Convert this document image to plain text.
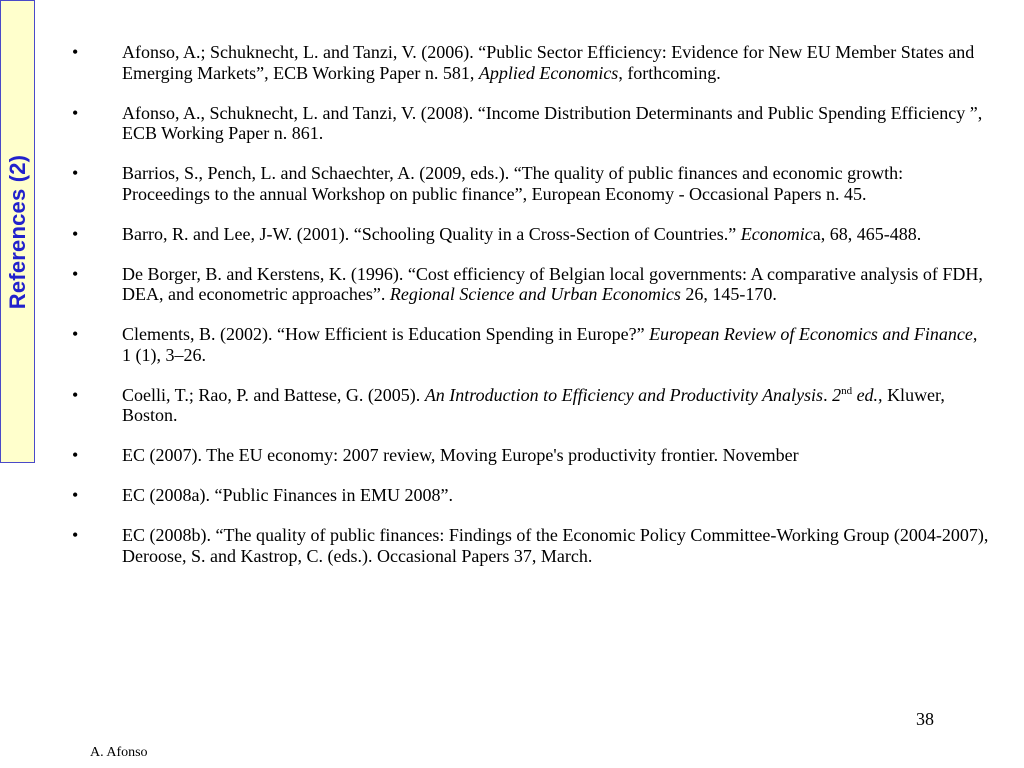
References (2)
• Afonso, A.; Schuknecht, L. and Tanzi, V. (2006). “Public Sector Efficiency: Evidence for New EU Member States and Emerging Markets”, ECB Working Paper n. 581, Applied Economics, forthcoming.
• Afonso, A., Schuknecht, L. and Tanzi, V. (2008). “Income Distribution Determinants and Public Spending Efficiency ”, ECB Working Paper n. 861.
• Barrios, S., Pench, L. and Schaechter, A. (2009, eds.). “The quality of public finances and economic growth: Proceedings to the annual Workshop on public finance”, European Economy - Occasional Papers n. 45.
• Barro, R. and Lee, J-W. (2001). “Schooling Quality in a Cross-Section of Countries.” Economica, 68, 465-488.
• De Borger, B. and Kerstens, K. (1996). “Cost efficiency of Belgian local governments: A comparative analysis of FDH, DEA, and econometric approaches”. Regional Science and Urban Economics 26, 145-170.
• Clements, B. (2002). “How Efficient is Education Spending in Europe?” European Review of Economics and Finance, 1 (1), 3–26.
• Coelli, T.; Rao, P. and Battese, G. (2005). An Introduction to Efficiency and Productivity Analysis. 2nd ed., Kluwer, Boston.
• EC (2007). The EU economy: 2007 review, Moving Europe's productivity frontier. November
• EC (2008a). “Public Finances in EMU 2008”.
• EC (2008b). “The quality of public finances: Findings of the Economic Policy Committee-Working Group (2004-2007), Deroose, S. and Kastrop, C. (eds.). Occasional Papers 37, March.
38
A. Afonso
